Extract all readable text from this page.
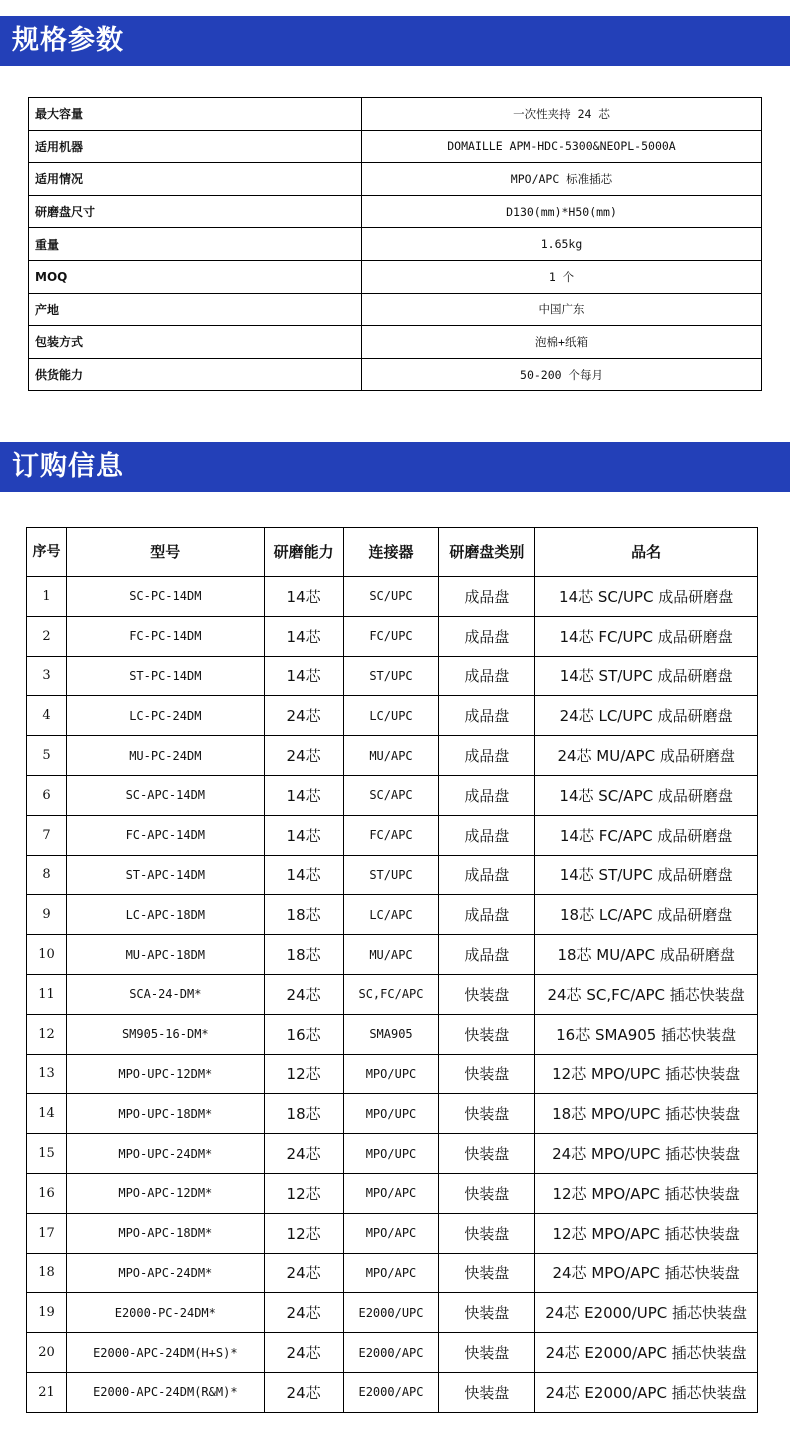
规格参数
最大容量	一次性夹持 24 芯
适用机器	DOMAILLE APM-HDC-5300&NEOPL-5000A
适用情况	MPO/APC 标准插芯
研磨盘尺寸	D130(mm)*H50(mm)
重量	1.65kg
MOQ	1 个
产地	中国广东
包装方式	泡棉+纸箱
供货能力	50-200 个每月
订购信息
序号	型号	研磨能力	连接器	研磨盘类别	品名
1	SC-PC-14DM	14芯	SC/UPC	成品盘	14芯 SC/UPC 成品研磨盘
2	FC-PC-14DM	14芯	FC/UPC	成品盘	14芯 FC/UPC 成品研磨盘
3	ST-PC-14DM	14芯	ST/UPC	成品盘	14芯 ST/UPC 成品研磨盘
4	LC-PC-24DM	24芯	LC/UPC	成品盘	24芯 LC/UPC 成品研磨盘
5	MU-PC-24DM	24芯	MU/APC	成品盘	24芯 MU/APC 成品研磨盘
6	SC-APC-14DM	14芯	SC/APC	成品盘	14芯 SC/APC 成品研磨盘
7	FC-APC-14DM	14芯	FC/APC	成品盘	14芯 FC/APC 成品研磨盘
8	ST-APC-14DM	14芯	ST/UPC	成品盘	14芯 ST/UPC 成品研磨盘
9	LC-APC-18DM	18芯	LC/APC	成品盘	18芯 LC/APC 成品研磨盘
10	MU-APC-18DM	18芯	MU/APC	成品盘	18芯 MU/APC 成品研磨盘
11	SCA-24-DM*	24芯	SC,FC/APC	快装盘	24芯 SC,FC/APC 插芯快装盘
12	SM905-16-DM*	16芯	SMA905	快装盘	16芯 SMA905 插芯快装盘
13	MPO-UPC-12DM*	12芯	MPO/UPC	快装盘	12芯 MPO/UPC 插芯快装盘
14	MPO-UPC-18DM*	18芯	MPO/UPC	快装盘	18芯 MPO/UPC 插芯快装盘
15	MPO-UPC-24DM*	24芯	MPO/UPC	快装盘	24芯 MPO/UPC 插芯快装盘
16	MPO-APC-12DM*	12芯	MPO/APC	快装盘	12芯 MPO/APC 插芯快装盘
17	MPO-APC-18DM*	12芯	MPO/APC	快装盘	12芯 MPO/APC 插芯快装盘
18	MPO-APC-24DM*	24芯	MPO/APC	快装盘	24芯 MPO/APC 插芯快装盘
19	E2000-PC-24DM*	24芯	E2000/UPC	快装盘	24芯 E2000/UPC 插芯快装盘
20	E2000-APC-24DM(H+S)*	24芯	E2000/APC	快装盘	24芯 E2000/APC 插芯快装盘
21	E2000-APC-24DM(R&M)*	24芯	E2000/APC	快装盘	24芯 E2000/APC 插芯快装盘
